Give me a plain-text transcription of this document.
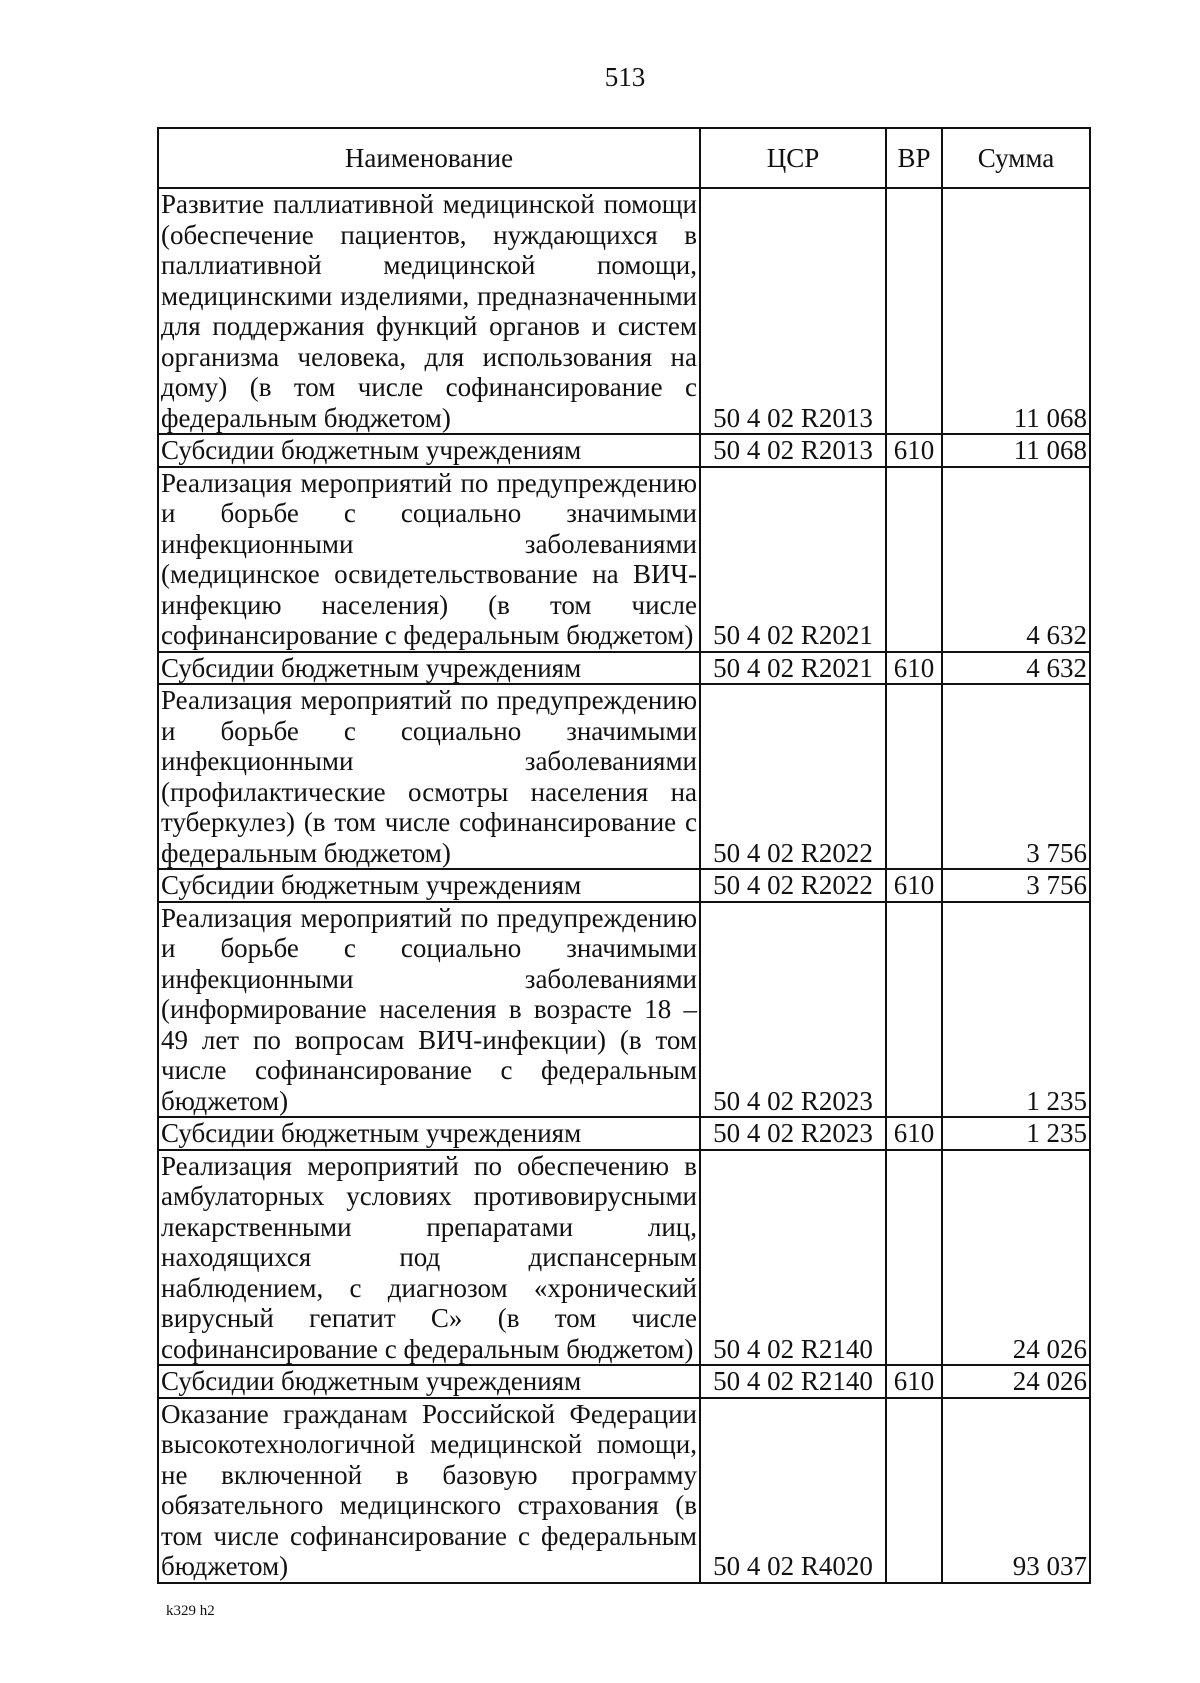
513
Наименование	ЦСР	ВР	Сумма
Развитие паллиативной медицинской помощи (обеспечение пациентов, нуждающихся в паллиативной медицинской помощи, медицинскими изделиями, предназначенными для поддержания функций органов и систем организма человека, для использования на дому) (в том числе софинансирование с федеральным бюджетом)	50 4 02 R2013		11 068
Субсидии бюджетным учреждениям	50 4 02 R2013	610	11 068
Реализация мероприятий по предупреждению и борьбе с социально значимыми инфекционными заболеваниями (медицинское освидетельствование на ВИЧ-инфекцию населения) (в том числе софинансирование с федеральным бюджетом)	50 4 02 R2021		4 632
Субсидии бюджетным учреждениям	50 4 02 R2021	610	4 632
Реализация мероприятий по предупреждению и борьбе с социально значимыми инфекционными заболеваниями (профилактические осмотры населения на туберкулез) (в том числе софинансирование с федеральным бюджетом)	50 4 02 R2022		3 756
Субсидии бюджетным учреждениям	50 4 02 R2022	610	3 756
Реализация мероприятий по предупреждению и борьбе с социально значимыми инфекционными заболеваниями (информирование населения в возрасте 18 – 49 лет по вопросам ВИЧ-инфекции) (в том числе софинансирование с федеральным бюджетом)	50 4 02 R2023		1 235
Субсидии бюджетным учреждениям	50 4 02 R2023	610	1 235
Реализация мероприятий по обеспечению в амбулаторных условиях противовирусными лекарственными препаратами лиц, находящихся под диспансерным наблюдением, с диагнозом «хронический вирусный гепатит С» (в том числе софинансирование с федеральным бюджетом)	50 4 02 R2140		24 026
Субсидии бюджетным учреждениям	50 4 02 R2140	610	24 026
Оказание гражданам Российской Федерации высокотехнологичной медицинской помощи, не включенной в базовую программу обязательного медицинского страхования (в том числе софинансирование с федеральным бюджетом)	50 4 02 R4020		93 037
k329 h2
